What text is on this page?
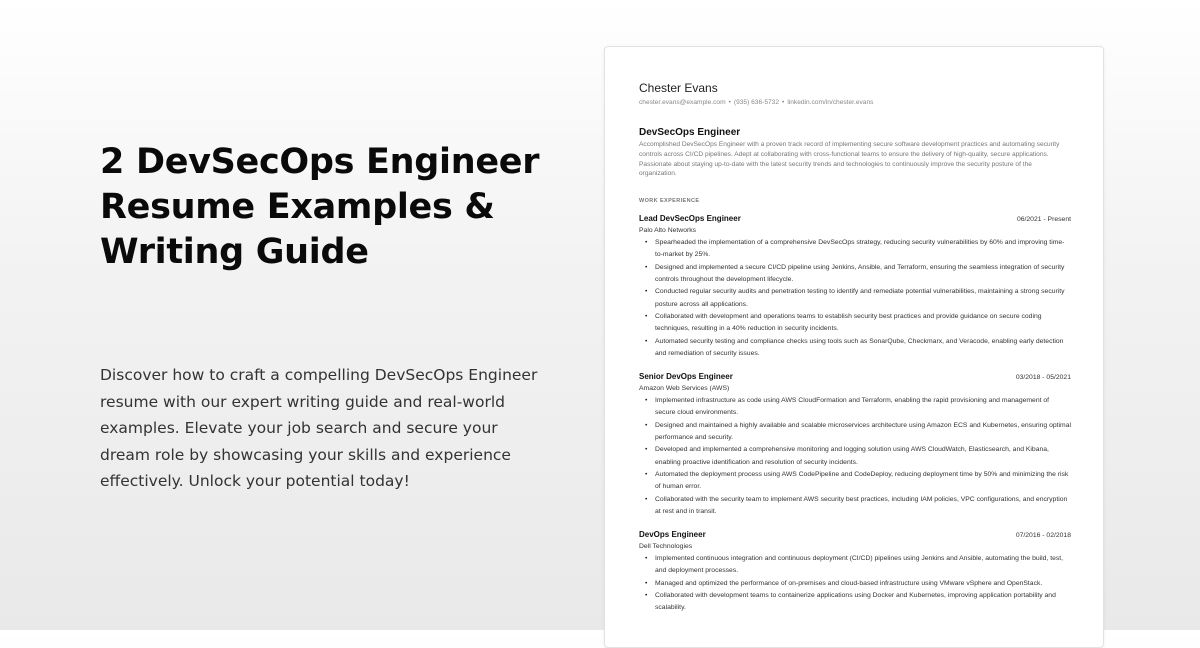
2 DevSecOps Engineer Resume Examples & Writing Guide

Discover how to craft a compelling DevSecOps Engineer resume with our expert writing guide and real-world examples. Elevate your job search and secure your dream role by showcasing your skills and experience effectively. Unlock your potential today!

Chester Evans
chester.evans@example.com • (935) 636-5732 • linkedin.com/in/chester.evans
DevSecOps Engineer
Accomplished DevSecOps Engineer with a proven track record of implementing secure software development practices and automating security controls across CI/CD pipelines. Adept at collaborating with cross-functional teams to ensure the delivery of high-quality, secure applications. Passionate about staying up-to-date with the latest security trends and technologies to continuously improve the security posture of the organization.
WORK EXPERIENCE
Lead DevSecOps Engineer	06/2021 - Present
Palo Alto Networks
• Spearheaded the implementation of a comprehensive DevSecOps strategy, reducing security vulnerabilities by 60% and improving time-to-market by 25%.
• Designed and implemented a secure CI/CD pipeline using Jenkins, Ansible, and Terraform, ensuring the seamless integration of security controls throughout the development lifecycle.
• Conducted regular security audits and penetration testing to identify and remediate potential vulnerabilities, maintaining a strong security posture across all applications.
• Collaborated with development and operations teams to establish security best practices and provide guidance on secure coding techniques, resulting in a 40% reduction in security incidents.
• Automated security testing and compliance checks using tools such as SonarQube, Checkmarx, and Veracode, enabling early detection and remediation of security issues.
Senior DevOps Engineer	03/2018 - 05/2021
Amazon Web Services (AWS)
• Implemented infrastructure as code using AWS CloudFormation and Terraform, enabling the rapid provisioning and management of secure cloud environments.
• Designed and maintained a highly available and scalable microservices architecture using Amazon ECS and Kubernetes, ensuring optimal performance and security.
• Developed and implemented a comprehensive monitoring and logging solution using AWS CloudWatch, Elasticsearch, and Kibana, enabling proactive identification and resolution of security incidents.
• Automated the deployment process using AWS CodePipeline and CodeDeploy, reducing deployment time by 50% and minimizing the risk of human error.
• Collaborated with the security team to implement AWS security best practices, including IAM policies, VPC configurations, and encryption at rest and in transit.
DevOps Engineer	07/2016 - 02/2018
Dell Technologies
• Implemented continuous integration and continuous deployment (CI/CD) pipelines using Jenkins and Ansible, automating the build, test, and deployment processes.
• Managed and optimized the performance of on-premises and cloud-based infrastructure using VMware vSphere and OpenStack.
• Collaborated with development teams to containerize applications using Docker and Kubernetes, improving application portability and scalability.
